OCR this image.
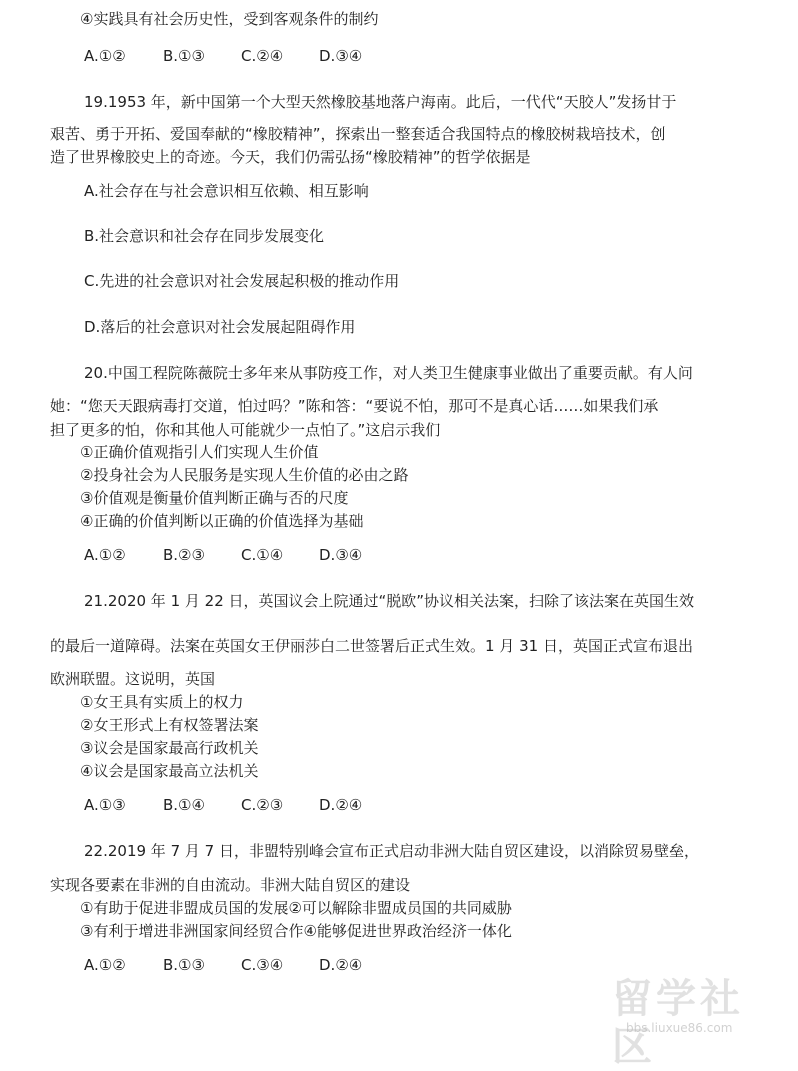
④实践具有社会历史性，受到客观条件的制约
A.①② B.①③ C.②④ D.③④
19.1953 年，新中国第一个大型天然橡胶基地落户海南。此后，一代代“天胶人”发扬甘于
艰苦、勇于开拓、爱国奉献的“橡胶精神”，探索出一整套适合我国特点的橡胶树栽培技术，创
造了世界橡胶史上的奇迹。今天，我们仍需弘扬“橡胶精神”的哲学依据是
A.社会存在与社会意识相互依赖、相互影响
B.社会意识和社会存在同步发展变化
C.先进的社会意识对社会发展起积极的推动作用
D.落后的社会意识对社会发展起阻碍作用
20.中国工程院陈薇院士多年来从事防疫工作，对人类卫生健康事业做出了重要贡献。有人问
她：“您天天跟病毒打交道，怕过吗？”陈和答：“要说不怕，那可不是真心话……如果我们承
担了更多的怕，你和其他人可能就少一点怕了。”这启示我们
①正确价值观指引人们实现人生价值
②投身社会为人民服务是实现人生价值的必由之路
③价值观是衡量价值判断正确与否的尺度
④正确的价值判断以正确的价值选择为基础
A.①② B.②③ C.①④ D.③④
21.2020 年 1 月 22 日，英国议会上院通过“脱欧”协议相关法案，扫除了该法案在英国生效
的最后一道障碍。法案在英国女王伊丽莎白二世签署后正式生效。1 月 31 日，英国正式宣布退出
欧洲联盟。这说明，英国
①女王具有实质上的权力
②女王形式上有权签署法案
③议会是国家最高行政机关
④议会是国家最高立法机关
A.①③ B.①④ C.②③ D.②④
22.2019 年 7 月 7 日，非盟特别峰会宣布正式启动非洲大陆自贸区建设，以消除贸易壁垒，
实现各要素在非洲的自由流动。非洲大陆自贸区的建设
①有助于促进非盟成员国的发展②可以解除非盟成员国的共同威胁
③有利于增进非洲国家间经贸合作④能够促进世界政治经济一体化
A.①② B.①③ C.③④ D.②④
留学社区
bbs.liuxue86.com
